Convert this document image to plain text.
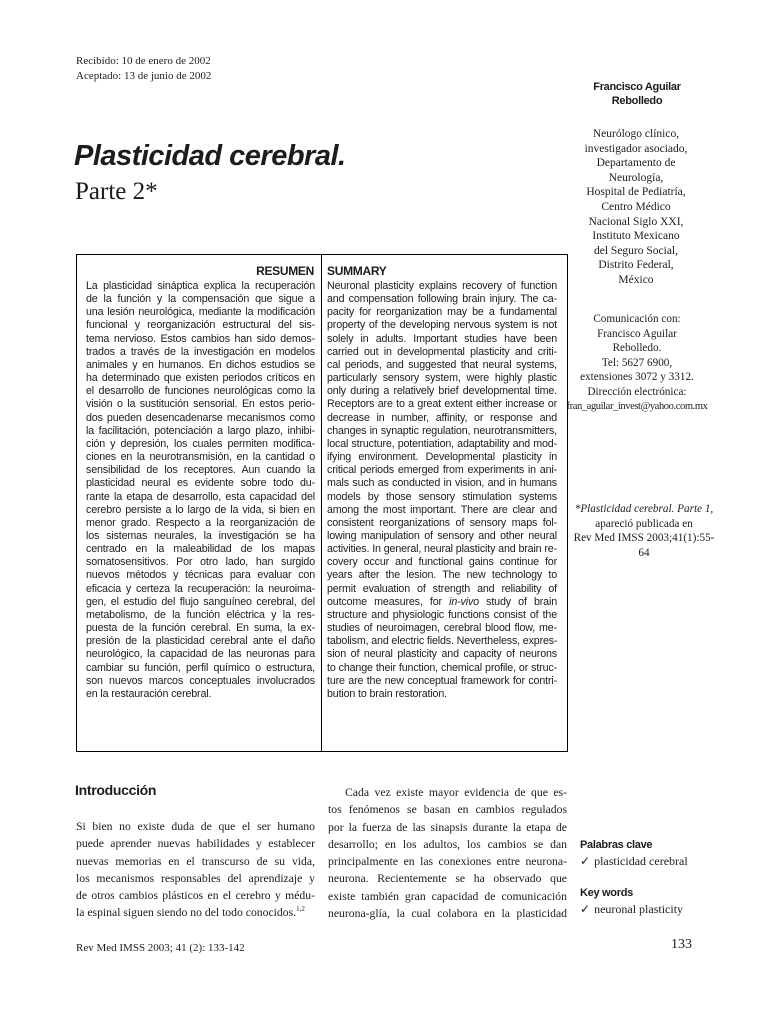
Recibido: 10 de enero de 2002
Aceptado: 13 de junio de 2002
Plasticidad cerebral.
Parte 2*
Francisco Aguilar
Rebolledo
Neurólogo clínico,
investigador asociado,
Departamento de
Neurología,
Hospital de Pediatría,
Centro Médico
Nacional Siglo XXI,
Instituto Mexicano
del Seguro Social,
Distrito Federal,
México
Comunicación con:
Francisco Aguilar
Rebolledo.
Tel: 5627 6900,
extensiones 3072 y 3312.
Dirección electrónica:
fran_aguilar_invest@yahoo.com.mx
*Plasticidad cerebral. Parte 1,
apareció publicada en
Rev Med IMSS 2003;41(1):55-64
RESUMEN SUMMARY
La plasticidad sináptica explica la recuperación
de la función y la compensación que sigue a
una lesión neurológica, mediante la modificación
funcional y reorganización estructural del sis-
tema nervioso. Estos cambios han sido demos-
trados a través de la investigación en modelos
animales y en humanos. En dichos estudios se
ha determinado que existen periodos críticos en
el desarrollo de funciones neurológicas como la
visión o la sustitución sensorial. En estos perio-
dos pueden desencadenarse mecanismos como
la facilitación, potenciación a largo plazo, inhibi-
ción y depresión, los cuales permiten modifica-
ciones en la neurotransmisión, en la cantidad o
sensibilidad de los receptores. Aun cuando la
plasticidad neural es evidente sobre todo du-
rante la etapa de desarrollo, esta capacidad del
cerebro persiste a lo largo de la vida, si bien en
menor grado. Respecto a la reorganización de
los sistemas neurales, la investigación se ha
centrado en la maleabilidad de los mapas
somatosensitivos. Por otro lado, han surgido
nuevos métodos y técnicas para evaluar con
eficacia y certeza la recuperación: la neuroima-
gen, el estudio del flujo sanguíneo cerebral, del
metabolismo, de la función eléctrica y la res-
puesta de la función cerebral. En suma, la ex-
presión de la plasticidad cerebral ante el daño
neurológico, la capacidad de las neuronas para
cambiar su función, perfil químico o estructura,
son nuevos marcos conceptuales involucrados
en la restauración cerebral.
Neuronal plasticity explains recovery of function
and compensation following brain injury. The ca-
pacity for reorganization may be a fundamental
property of the developing nervous system is not
solely in adults. Important studies have been
carried out in developmental plasticity and criti-
cal periods, and suggested that neural systems,
particularly sensory system, were highly plastic
only during a relatively brief developmental time.
Receptors are to a great extent either increase or
decrease in number, affinity, or response and
changes in synaptic regulation, neurotransmitters,
local structure, potentiation, adaptability and mod-
ifying environment. Developmental plasticity in
critical periods emerged from experiments in ani-
mals such as conducted in vision, and in humans
models by those sensory stimulation systems
among the most important. There are clear and
consistent reorganizations of sensory maps fol-
lowing manipulation of sensory and other neural
activities. In general, neural plasticity and brain re-
covery occur and functional gains continue for
years after the lesion. The new technology to
permit evaluation of strength and reliability of
outcome measures, for in-vivo study of brain
structure and physiologic functions consist of the
studies of neuroimagen, cerebral blood flow, me-
tabolism, and electric fields. Nevertheless, expres-
sion of neural plasticity and capacity of neurons
to change their function, chemical profile, or struc-
ture are the new conceptual framework for contri-
bution to brain restoration.
Introducción
Si bien no existe duda de que el ser humano
puede aprender nuevas habilidades y establecer
nuevas memorias en el transcurso de su vida,
los mecanismos responsables del aprendizaje y
de otros cambios plásticos en el cerebro y médu-
la espinal siguen siendo no del todo conocidos.$^{1,2}$
Cada vez existe mayor evidencia de que es-
tos fenómenos se basan en cambios regulados
por la fuerza de las sinapsis durante la etapa de
desarrollo; en los adultos, los cambios se dan
principalmente en las conexiones entre neurona-
neurona. Recientemente se ha observado que
existe también gran capacidad de comunicación
neurona-glía, la cual colabora en la plasticidad
Palabras clave
✓ plasticidad cerebral
Key words
✓ neuronal plasticity
Rev Med IMSS 2003; 41 (2): 133-142	133
